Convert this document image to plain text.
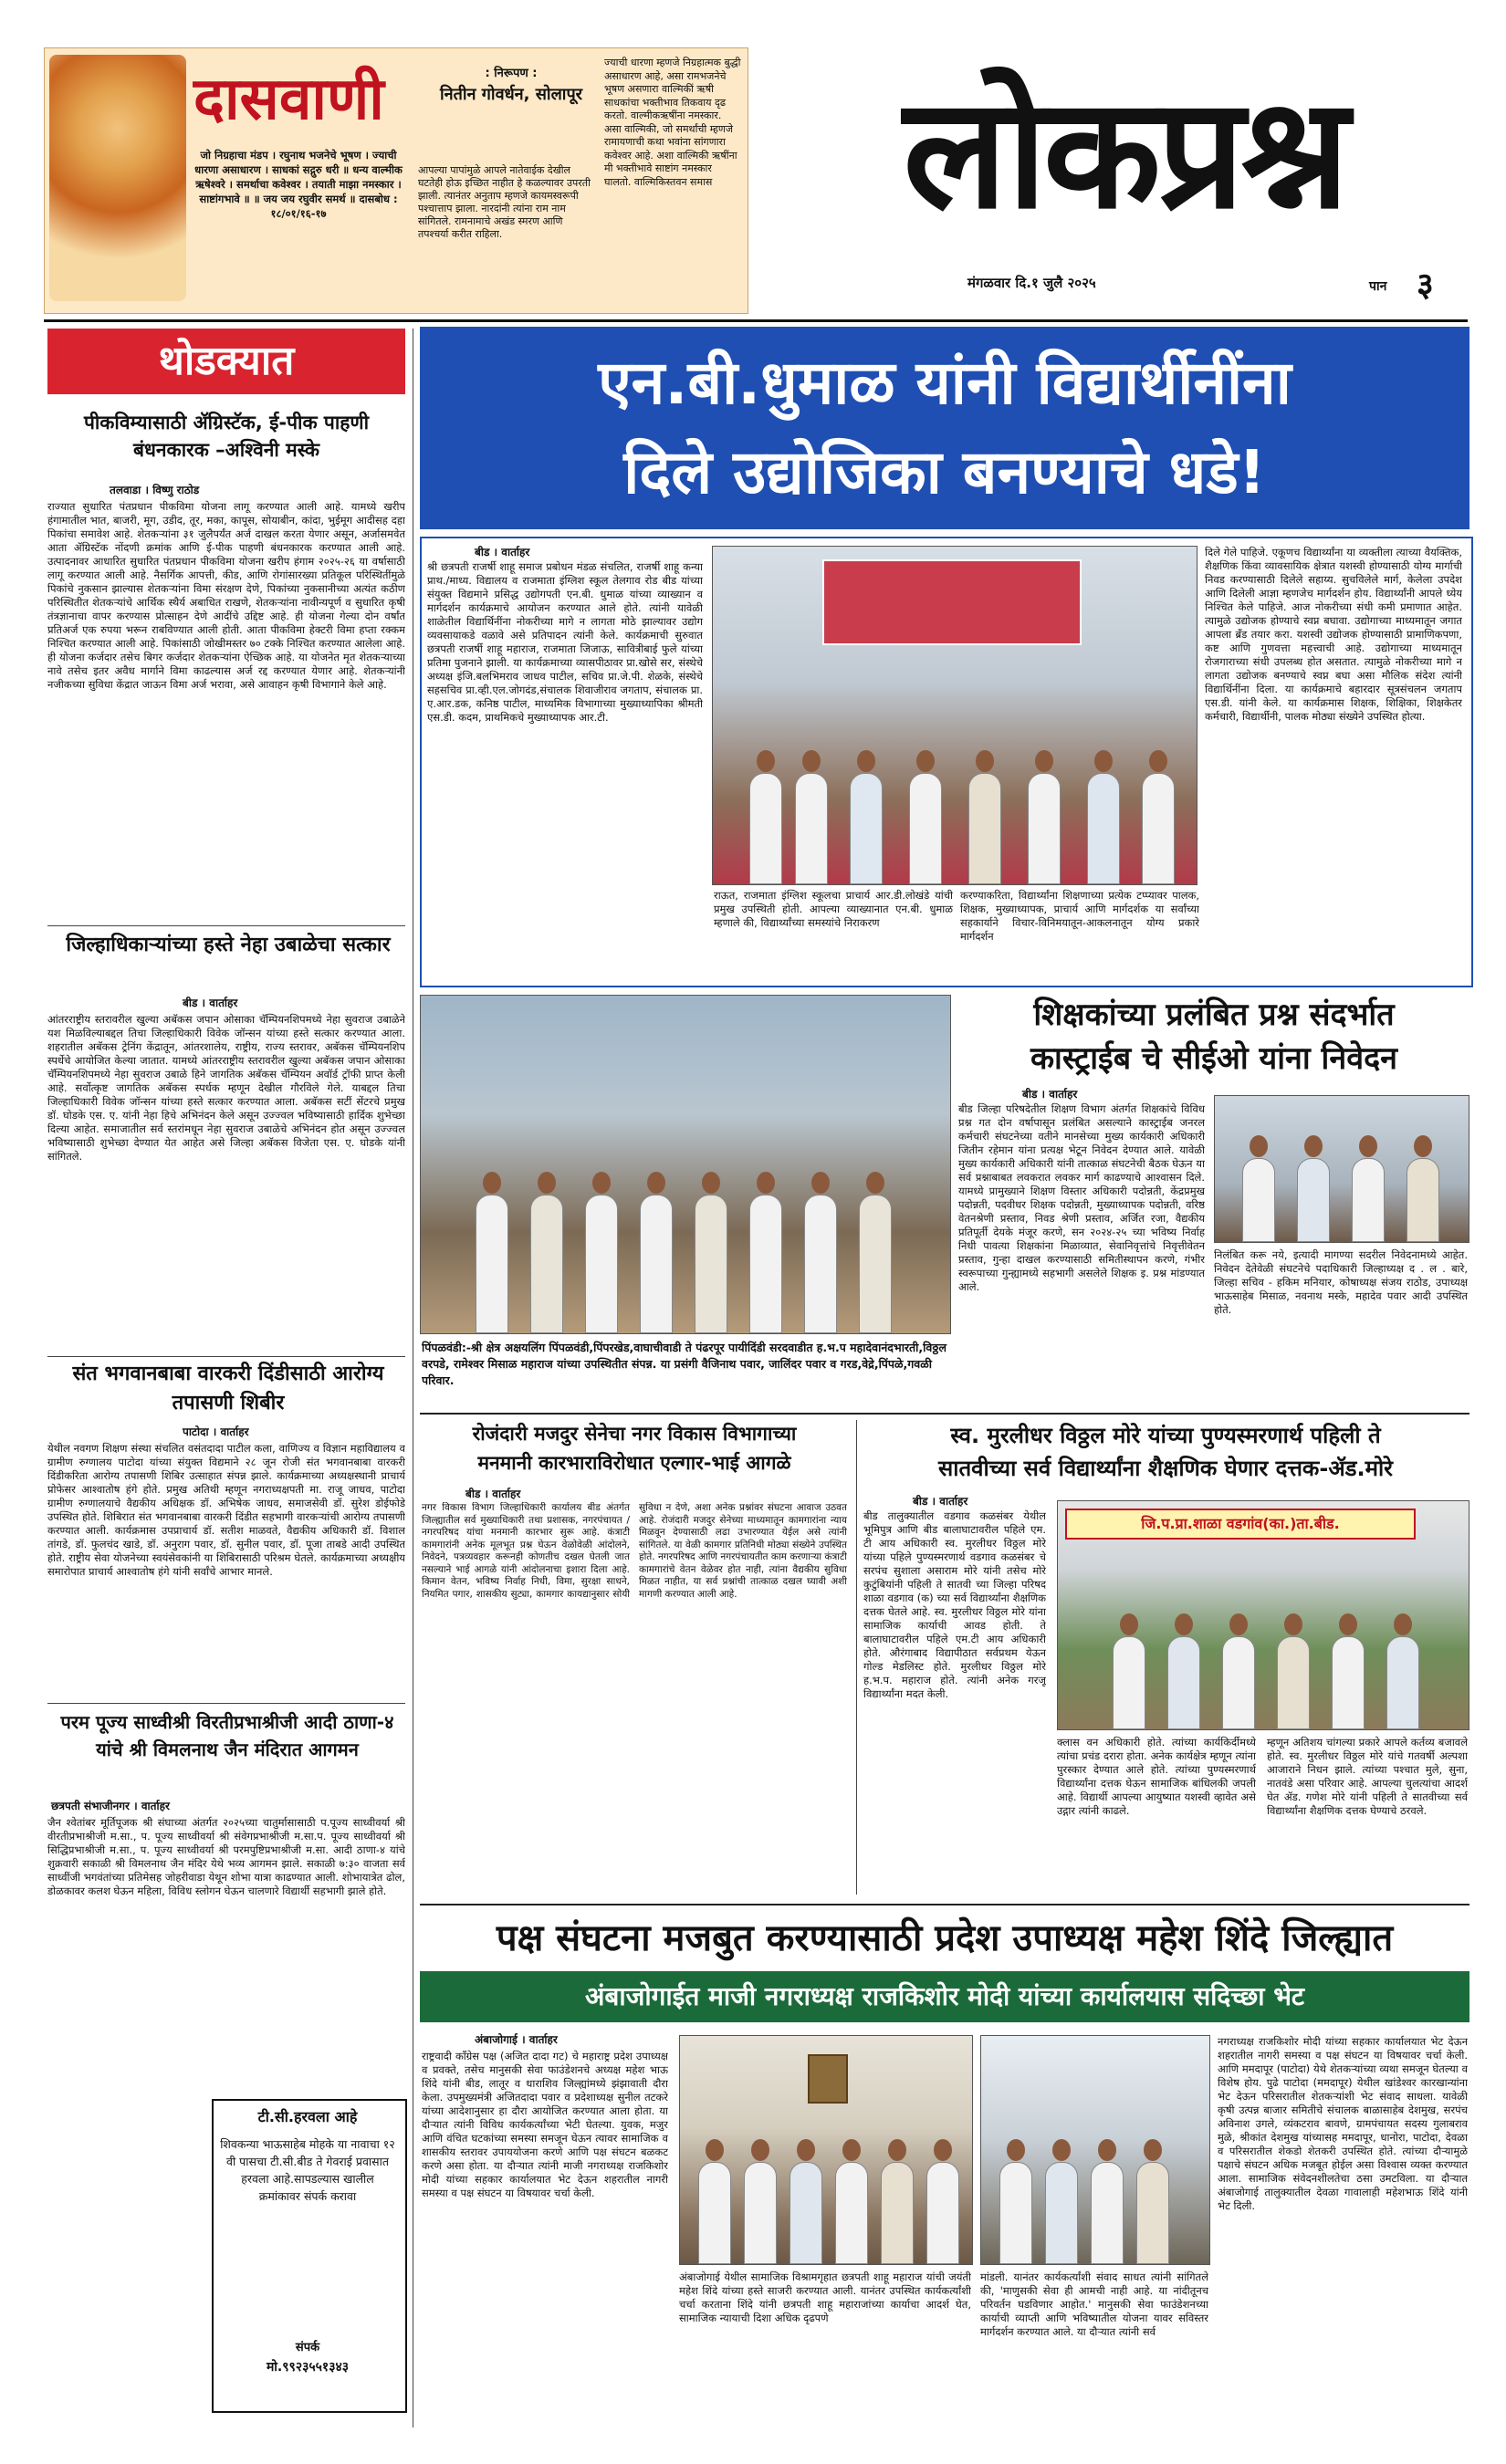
दासवाणी
जो निग्रहाचा मंडप । रघुनाथ भजनेचे भूषण । ज्याची धारणा असाधारण । साधकां सद्गुरु धरी ॥ धन्य वाल्मीक ऋषेश्वरे । समर्थाचा कवेश्वर । तयाती माझा नमस्कार । साष्टांगभावे ॥ ॥ जय जय रघुवीर समर्थ ॥ दासबोध : १८/०१/१६-१७
: निरूपण :
नितीन गोवर्धन, सोलापूर
आपल्या पापांमुळे आपले नातेवाईक देखील घटतेही होऊ इच्छित नाहीत हे कळल्यावर उपरती झाली. त्यानंतर अनुताप म्हणजे कायमस्वरूपी पश्चात्ताप झाला. नारदांनी त्यांना राम नाम सांगितले. रामनामाचे अखंड स्मरण आणि तपश्चर्या करीत राहिला.
ज्याची धारणा म्हणजे निग्रहात्मक बुद्धी असाधारण आहे, असा रामभजनेचे भूषण असणारा वाल्मिकीं ऋषी साधकांचा भक्तीभाव तिकवाय दृढ करतो. वाल्मीकऋषींना नमस्कार. असा वाल्मिकी, जो समर्थांची म्हणजे रामायणाची कथा भवांना सांगणारा कवेश्वर आहे. अशा वाल्मिकी ऋषींना मी भक्तीभावे साष्टांग नमस्कार घालतो. वाल्मिकिस्तवन समास	लोकप्रश्न
मंगळवार दि.१ जुलै २०२५	पान ३
थोडक्यात
पीकविम्यासाठी ॲग्रिस्टॅक, ई-पीक पाहणी बंधनकारक –अश्विनी मस्के
तलवाडा । विष्णु राठोड
राज्यात सुधारित पंतप्रधान पीकविमा योजना लागू करण्यात आली आहे. यामध्ये खरीप हंगामातील भात, बाजरी, मूग, उडीद, तूर, मका, कापूस, सोयाबीन, कांदा, भुईमूग आदीसह दहा पिकांचा समावेश आहे. शेतकऱ्यांना ३१ जुलैपर्यंत अर्ज दाखल करता येणार असून, अर्जासमवेत आता ॲग्रिस्टॅक नोंदणी क्रमांक आणि ई-पीक पाहणी बंधनकारक करण्यात आली आहे. उत्पादनावर आधारित सुधारित पंतप्रधान पीकविमा योजना खरीप हंगाम २०२५-२६ या वर्षासाठी लागू करण्यात आली आहे. नैसर्गिक आपत्ती, कीड, आणि रोगांसारख्या प्रतिकूल परिस्थितींमुळे पिकांचे नुकसान झाल्यास शेतकऱ्यांना विमा संरक्षण देणे, पिकांच्या नुकसानीच्या अत्यंत कठीण परिस्थितीत शेतकऱ्यांचे आर्थिक स्थैर्य अबाधित राखणे, शेतकऱ्यांना नावीन्यपूर्ण व सुधारित कृषी तंत्रज्ञानाचा वापर करण्यास प्रोत्साहन देणे आदींचे उद्दिष्ट आहे. ही योजना गेल्या दोन वर्षांत प्रतिअर्ज एक रुपया भरून राबविण्यात आली होती. आता पीकविमा हेक्टरी विमा हप्ता रक्कम निश्चित करण्यात आली आहे. पिकांसाठी जोखीमस्तर ७० टक्के निश्चित करण्यात आलेला आहे. ही योजना कर्जदार तसेच बिगर कर्जदार शेतकऱ्यांना ऐच्छिक आहे. या योजनेत मृत शेतकऱ्याच्या नावे तसेच इतर अवैध मार्गाने विमा काढल्यास अर्ज रद्द करण्यात येणार आहे. शेतकऱ्यांनी नजीकच्या सुविधा केंद्रात जाऊन विमा अर्ज भरावा, असे आवाहन कृषी विभागाने केले आहे.
जिल्हाधिकाऱ्यांच्या हस्ते नेहा उबाळेचा सत्कार
बीड । वार्ताहर
आंतरराष्ट्रीय स्तरावरील खुल्या अबॅकस जपान ओसाका चॅम्पियनशिपमध्ये नेहा सुवराज उबाळेने यश मिळविल्याबद्दल तिचा जिल्हाधिकारी विवेक जॉन्सन यांच्या हस्ते सत्कार करण्यात आला. शहरातील अबॅकस ट्रेनिंग केंद्रातून, आंतरशालेय, राष्ट्रीय, राज्य स्तरावर, अबॅकस चॅम्पियनशिप स्पर्धेचे आयोजित केल्या जातात. यामध्ये आंतरराष्ट्रीय स्तरावरील खुल्या अबॅकस जपान ओसाका चॅम्पियनशिपमध्ये नेहा सुवराज उबाळे हिने जागतिक अबॅकस चॅम्पियन अवॉर्ड ट्रॉफी प्राप्त केली आहे. सर्वोत्कृष्ट जागतिक अबॅकस स्पर्धक म्हणून देखील गौरविले गेले. याबद्दल तिचा जिल्हाधिकारी विवेक जॉन्सन यांच्या हस्ते सत्कार करण्यात आला. अबॅकस सटीं सेंटरचे प्रमुख डॉ. घोडके एस. ए. यांनी नेहा हिचे अभिनंदन केले असून उज्ज्वल भविष्यासाठी हार्दिक शुभेच्छा दिल्या आहेत. समाजातील सर्व स्तरांमधून नेहा सुवराज उबाळेचे अभिनंदन होत असून उज्ज्वल भविष्यासाठी शुभेच्छा देण्यात येत आहेत असे जिल्हा अबॅकस विजेता एस. ए. घोडके यांनी सांगितले.
संत भगवानबाबा वारकरी दिंडीसाठी आरोग्य तपासणी शिबीर
पाटोदा । वार्ताहर
येथील नवगण शिक्षण संस्था संचलित वसंतदादा पाटील कला, वाणिज्य व विज्ञान महाविद्यालय व ग्रामीण रुग्णालय पाटोदा यांच्या संयुक्त विद्यमाने २८ जून रोजी संत भगवानबाबा वारकरी दिंडीकरिता आरोग्य तपासणी शिबिर उत्साहात संपन्न झाले. कार्यक्रमाच्या अध्यक्षस्थानी प्राचार्य प्रोफेसर आश्वातोष हंगे होते. प्रमुख अतिथी म्हणून नगराध्यक्षपती मा. राजू जाधव, पाटोदा ग्रामीण रुग्णालयाचे वैद्यकीय अधिक्षक डॉ. अभिषेक जाधव, समाजसेवी डॉ. सुरेश डोईफोडे उपस्थित होते. शिबिरात संत भगवानबाबा वारकरी दिंडीत सहभागी वारकऱ्यांची आरोग्य तपासणी करण्यात आली. कार्यक्रमास उपप्राचार्य डॉ. सतीश माळवते, वैद्यकीय अधिकारी डॉ. विशाल तांगडे, डॉ. फुलचंद खाडे, डॉ. अनुराग पवार, डॉ. सुनील पवार, डॉ. पूजा ताबडे आदी उपस्थित होते. राष्ट्रीय सेवा योजनेच्या स्वयंसेवकांनी या शिबिरासाठी परिश्रम घेतले. कार्यक्रमाच्या अध्यक्षीय समारोपात प्राचार्य आश्वातोष हंगे यांनी सर्वांचे आभार मानले.
परम पूज्य साध्वीश्री विरतीप्रभाश्रीजी आदी ठाणा-४ यांचे श्री विमलनाथ जैन मंदिरात आगमन
छत्रपती संभाजीनगर । वार्ताहर
जैन श्वेतांबर मूर्तिपूजक श्री संघाच्या अंतर्गत २०२५च्या चातुर्मासासाठी प.पूज्य साध्वीवर्या श्री वीरतीप्रभाश्रीजी म.सा., प. पूज्य साध्वीवर्या श्री संवेगप्रभाश्रीजी म.सा.प. पूज्य साध्वीवर्या श्री सिद्धिप्रभाश्रीजी म.सा., प. पूज्य साध्वीवर्या श्री परमपुष्टिप्रभाश्रीजी म.सा. आदी ठाणा-४ यांचे शुक्रवारी सकाळी श्री विमलनाथ जैन मंदिर येथे भव्य आगमन झाले. सकाळी ७:३० वाजता सर्व साध्वींजी भगवंतांच्या प्रतिमेसह जोहरीवाडा येथून शोभा यात्रा काढण्यात आली. शोभायात्रेत ढोल, डोळकावर कलश घेऊन महिला, विविध स्लोगन घेऊन चालणारे विद्यार्थी सहभागी झाले होते.
टी.सी.हरवला आहे
शिवकन्या भाऊसाहेब मोहके या नावाचा १२ वी पासचा टी.सी.बीड ते गेवराई प्रवासात हरवला आहे.सापडल्यास खालील क्रमांकावर संपर्क करावा
संपर्क
मो.९९२३५५१३४३
एन.बी.धुमाळ यांनी विद्यार्थीनींना
दिले उद्योजिका बनण्याचे धडे!
बीड । वार्ताहर
श्री छत्रपती राजर्षी शाहू समाज प्रबोधन मंडळ संचलित, राजर्षी शाहू कन्या प्राथ./माध्य. विद्यालय व राजमाता इंग्लिश स्कूल तेलगाव रोड बीड यांच्या संयुक्त विद्यमाने प्रसिद्ध उद्योगपती एन.बी. धुमाळ यांच्या व्याख्यान व मार्गदर्शन कार्यक्रमाचे आयोजन करण्यात आले होते. त्यांनी यावेळी शाळेतील विद्यार्थिनींना नोकरीच्या मागे न लागता मोठे झाल्यावर उद्योग व्यवसायाकडे वळावे असे प्रतिपादन त्यांनी केले. कार्यक्रमाची सुरुवात छत्रपती राजर्षी शाहू महाराज, राजमाता जिजाऊ, सावित्रीबाई फुले यांच्या प्रतिमा पुजनाने झाली. या कार्यक्रमाच्या व्यासपीठावर प्रा.खोसे सर, संस्थेचे अध्यक्ष इंजि.बलभिमराव जाधव पाटील, सचिव प्रा.जे.पी. शेळके, संस्थेचे सहसचिव प्रा.व्ही.एल.जोगदंड,संचालक शिवाजीराव जगताप, संचालक प्रा. ए.आर.डक, कनिष्ठ पाटील, माध्यमिक विभागाच्या मुख्याध्यापिका श्रीमती एस.डी. कदम, प्राथमिकचे मुख्याध्यापक आर.टी.
राऊत, राजमाता इंग्लिश स्कूलचा प्राचार्य आर.डी.लोखंडे यांची प्रमुख उपस्थिती होती. आपल्या व्याख्यानात एन.बी. धुमाळ म्हणाले की, विद्यार्थ्यांच्या समस्यांचे निराकरण
करण्याकरिता, विद्यार्थ्यांना शिक्षणाच्या प्रत्येक टप्प्यावर पालक, शिक्षक, मुख्याध्यापक, प्राचार्य आणि मार्गदर्शक या सर्वांच्या सहकार्याने विचार-विनिमयातून-आकलनातून योग्य प्रकारे मार्गदर्शन
दिले गेले पाहिजे. एकूणच विद्यार्थ्यांना या व्यक्तीला त्याच्या वैयक्तिक, शैक्षणिक किंवा व्यावसायिक क्षेत्रात यशस्वी होण्यासाठी योग्य मार्गाची निवड करण्यासाठी दिलेले सहाय्य. सुचविलेले मार्ग, केलेला उपदेश आणि दिलेली आज्ञा म्हणजेच मार्गदर्शन होय. विद्यार्थ्यांनी आपले ध्येय निश्चित केले पाहिजे. आज नोकरीच्या संधी कमी प्रमाणात आहेत. त्यामुळे उद्योजक होण्याचे स्वप्न बघावा. उद्योगाच्या माध्यमातून जगात आपला ब्रँड तयार करा. यशस्वी उद्योजक होण्यासाठी प्रामाणिकपणा, कष्ट आणि गुणवत्ता महत्त्वाची आहे. उद्योगाच्या माध्यमातून रोजगाराच्या संधी उपलब्ध होत असतात. त्यामुळे नोकरीच्या मागे न लागता उद्योजक बनण्याचे स्वप्न बघा असा मौलिक संदेश त्यांनी विद्यार्थिनींना दिला. या कार्यक्रमाचे बहारदार सूत्रसंचलन जगताप एस.डी. यांनी केले. या कार्यक्रमास शिक्षक, शिक्षिका, शिक्षकेतर कर्मचारी, विद्यार्थीनी, पालक मोठ्या संख्येने उपस्थित होत्या.
पिंपळवंडी:-श्री क्षेत्र अक्षयलिंग पिंपळवंडी,पिंपरखेड,वाघाचीवाडी ते पंढरपूर पायीदिंडी सरदवाडीत ह.भ.प महादेवानंदभारती,विठ्ठल वरपडे, रामेश्वर मिसाळ महाराज यांच्या उपस्थितीत संपन्न. या प्रसंगी वैजिनाथ पवार, जालिंदर पवार व गरड,वेद्रे,पिंपळे,गवळी परिवार.
शिक्षकांच्या प्रलंबित प्रश्न संदर्भात
कास्ट्राईब चे सीईओ यांना निवेदन
बीड । वार्ताहर
बीड जिल्हा परिषदेतील शिक्षण विभाग अंतर्गत शिक्षकांचे विविध प्रश्न गत दोन वर्षापासून प्रलंबित असल्याने कास्ट्राईब जनरल कर्मचारी संघटनेच्या वतीने मानसेच्या मुख्य कार्यकारी अधिकारी जितीन रहेमान यांना प्रत्यक्ष भेटून निवेदन देण्यात आले. यावेळी मुख्य कार्यकारी अधिकारी यांनी तात्काळ संघटनेची बैठक घेऊन या सर्व प्रश्नाबाबत लवकरात लवकर मार्ग काढण्याचे आश्वासन दिले. यामध्ये प्रामुख्याने शिक्षण विस्तार अधिकारी पदोन्नती, केंद्रप्रमुख पदोन्नती, पदवीधर शिक्षक पदोन्नती, मुख्याध्यापक पदोन्नती, वरिष्ठ वेतनश्रेणी प्रस्ताव, निवड श्रेणी प्रस्ताव, अर्जित रजा, वैद्यकीय प्रतिपूर्ती देयके मंजूर करणे, सन २०२४-२५ च्या भविष्य निर्वाह निधी पावत्या शिक्षकांना मिळाव्यात, सेवानिवृत्तांचे निवृत्तीवेतन प्रस्ताव, गुन्हा दाखल करण्यासाठी समितीस्थापन करणे, गंभीर स्वरूपाच्या गुन्ह्यामध्ये सहभागी असलेले शिक्षक इ. प्रश्न मांडण्यात आले.
निलंबित करू नये, इत्यादी मागण्या सदरील निवेदनामध्ये आहेत. निवेदन देतेवेळी संघटनेचे पदाधिकारी जिल्हाध्यक्ष द . ल . बारे, जिल्हा सचिव - हकिम मनियार, कोषाध्यक्ष संजय राठोड, उपाध्यक्ष भाऊसाहेब मिसाळ, नवनाथ मस्के, महादेव पवार आदी उपस्थित होते.
रोजंदारी मजदुर सेनेचा नगर विकास विभागाच्या
मनमानी कारभाराविरोधात एल्गार-भाई आगळे
बीड । वार्ताहर
नगर विकास विभाग जिल्हाधिकारी कार्यालय बीड अंतर्गत जिल्ह्यातील सर्व मुख्याधिकारी तथा प्रशासक, नगरपंचायत / नगरपरिषद यांचा मनमानी कारभार सुरू आहे. कंत्राटी कामगारांनी अनेक मूलभूत प्रश्न घेऊन वेळोवेळी आंदोलने, निवेदने, पत्रव्यवहार करूनही कोणतीच दखल घेतली जात नसल्याने भाई आगळे यांनी आंदोलनाचा इशारा दिला आहे. किमान वेतन, भविष्य निर्वाह निधी, विमा, सुरक्षा साधने, नियमित पगार, शासकीय सुट्या, कामगार कायद्यानुसार सोयी सुविधा न देणे, अशा अनेक प्रश्नांवर संघटना आवाज उठवत आहे. रोजंदारी मजदुर सेनेच्या माध्यमातून कामगारांना न्याय मिळवून देण्यासाठी लढा उभारण्यात येईल असे त्यांनी सांगितले. या वेळी कामगार प्रतिनिधी मोठ्या संख्येने उपस्थित होते. नगरपरिषद आणि नगरपंचायतीत काम करणाऱ्या कंत्राटी कामगारांचे वेतन वेळेवर होत नाही, त्यांना वैद्यकीय सुविधा मिळत नाहीत, या सर्व प्रश्नांची तात्काळ दखल घ्यावी अशी मागणी करण्यात आली आहे.
स्व. मुरलीधर विठ्ठल मोरे यांच्या पुण्यस्मरणार्थ पहिली ते
सातवीच्या सर्व विद्यार्थ्यांना शैक्षणिक घेणार दत्तक-ॲड.मोरे
बीड । वार्ताहर
बीड तालुक्यातील वडगाव कळसंबर येथील भूमिपुत्र आणि बीड बालाघाटावरील पहिले एम. टी आय अधिकारी स्व. मुरलीधर विठ्ठल मोरे यांच्या पहिले पुण्यस्मरणार्थ वडगाव कळसंबर चे सरपंच सुशाला असाराम मोरे यांनी तसेच मोरे कुटुंबियांनी पहिली ते सातवी च्या जिल्हा परिषद शाळा वडगाव (क) च्या सर्व विद्यार्थ्यांना शैक्षणिक दत्तक घेतले आहे. स्व. मुरलीधर विठ्ठल मोरे यांना सामाजिक कार्याची आवड होती. ते बालाघाटावरील पहिले एम.टी आय अधिकारी होते. औरंगाबाद विद्यापीठात सर्वप्रथम येऊन गोल्ड मेडलिस्ट होते. मुरलीधर विठ्ठल मोरे ह.भ.प. महाराज होते. त्यांनी अनेक गरजू विद्यार्थ्यांना मदत केली.
जि.प.प्रा.शाळा वडगांव(का.)ता.बीड.
क्लास वन अधिकारी होते. त्यांच्या कार्यकिर्दीमध्ये त्यांचा प्रचंड दरारा होता. अनेक कार्यक्षेत्र म्हणून त्यांना पुरस्कार देण्यात आले होते. त्यांच्या पुण्यस्मरणार्थ विद्यार्थ्यांना दत्तक घेऊन सामाजिक बांधिलकी जपली आहे. विद्यार्थी आपल्या आयुष्यात यशस्वी व्हावेत असे उद्गार त्यांनी काढले.
म्हणून अतिशय चांगल्या प्रकारे आपले कर्तव्य बजावले होते. स्व. मुरलीधर विठ्ठल मोरे यांचे गतवर्षी अल्पशा आजाराने निधन झाले. त्यांच्या पश्चात मुले, सुना, नातवंडे असा परिवार आहे. आपल्या चुलत्यांचा आदर्श घेत ॲड. गणेश मोरे यांनी पहिली ते सातवीच्या सर्व विद्यार्थ्यांना शैक्षणिक दत्तक घेण्याचे ठरवले.
पक्ष संघटना मजबुत करण्यासाठी प्रदेश उपाध्यक्ष महेश शिंदे जिल्ह्यात
अंबाजोगाईत माजी नगराध्यक्ष राजकिशोर मोदी यांच्या कार्यालयास सदिच्छा भेट
अंबाजोगाई । वार्ताहर
राष्ट्रवादी काँग्रेस पक्ष (अजित दादा गट) चे महाराष्ट्र प्रदेश उपाध्यक्ष व प्रवक्ते, तसेच मानुसकी सेवा फाउंडेशनचे अध्यक्ष महेश भाऊ शिंदे यांनी बीड, लातूर व धाराशिव जिल्ह्यांमध्ये झंझावाती दौरा केला. उपमुख्यमंत्री अजितदादा पवार व प्रदेशाध्यक्ष सुनील तटकरे यांच्या आदेशानुसार हा दौरा आयोजित करण्यात आला होता. या दौर्‍यात त्यांनी विविध कार्यकर्त्यांच्या भेटी घेतल्या. युवक, मजुर आणि वंचित घटकांच्या समस्या समजून घेऊन त्यावर सामाजिक व शासकीय स्तरावर उपाययोजना करणे आणि पक्ष संघटन बळकट करणे असा होता. या दौऱ्यात त्यांनी माजी नगराध्यक्ष राजकिशोर मोदी यांच्या सहकार कार्यालयात भेट देऊन शहरातील नागरी समस्या व पक्ष संघटन या विषयावर चर्चा केली.
अंबाजोगाई येथील सामाजिक विश्रामगृहात छत्रपती शाहू महाराज यांची जयंती महेश शिंदे यांच्या हस्ते साजरी करण्यात आली. यानंतर उपस्थित कार्यकर्त्यांशी चर्चा करताना शिंदे यांनी छत्रपती शाहू महाराजांच्या कार्याचा आदर्श घेत, सामाजिक न्यायाची दिशा अधिक दृढपणे
मांडली. यानंतर कार्यकर्त्यांशी संवाद साधत त्यांनी सांगितले की, 'माणुसकी सेवा ही आमची नाही आहे. या नांदीतूनच परिवर्तन घडविणार आहोत.' मानुसकी सेवा फाउंडेशनच्या कार्याची व्याप्ती आणि भविष्यातील योजना यावर सविस्तर मार्गदर्शन करण्यात आले. या दौऱ्यात त्यांनी सर्व
नगराध्यक्ष राजकिशोर मोदी यांच्या सहकार कार्यालयात भेट देऊन शहरातील नागरी समस्या व पक्ष संघटन या विषयावर चर्चा केली. आणि ममदापूर (पाटोदा) येथे शेतकऱ्यांच्या व्यथा समजून घेतल्या व विशेष होय. पुढे पाटोदा (ममदापूर) येथील खांडेश्वर कारखान्यांना भेट देऊन परिसरातील शेतकऱ्यांशी भेट संवाद साधला. यावेळी कृषी उत्पन्न बाजार समितीचे संचालक बाळासाहेब देशमुख, सरपंच अविनाश उगले, व्यंकटराव बावणे, ग्रामपंचायत सदस्य गुलाबराव मुळे, श्रीकांत देशमुख यांच्यासह ममदापूर, धानोरा, पाटोदा, देवळा व परिसरातील शेकडो शेतकरी उपस्थित होते. त्यांच्या दौऱ्यामुळे पक्षाचे संघटन अधिक मजबूत होईल असा विश्वास व्यक्त करण्यात आला. सामाजिक संवेदनशीलतेचा ठसा उमटविला. या दौऱ्यात अंबाजोगाई तालुक्यातील देवळा गावालाही महेशभाऊ शिंदे यांनी भेट दिली.
